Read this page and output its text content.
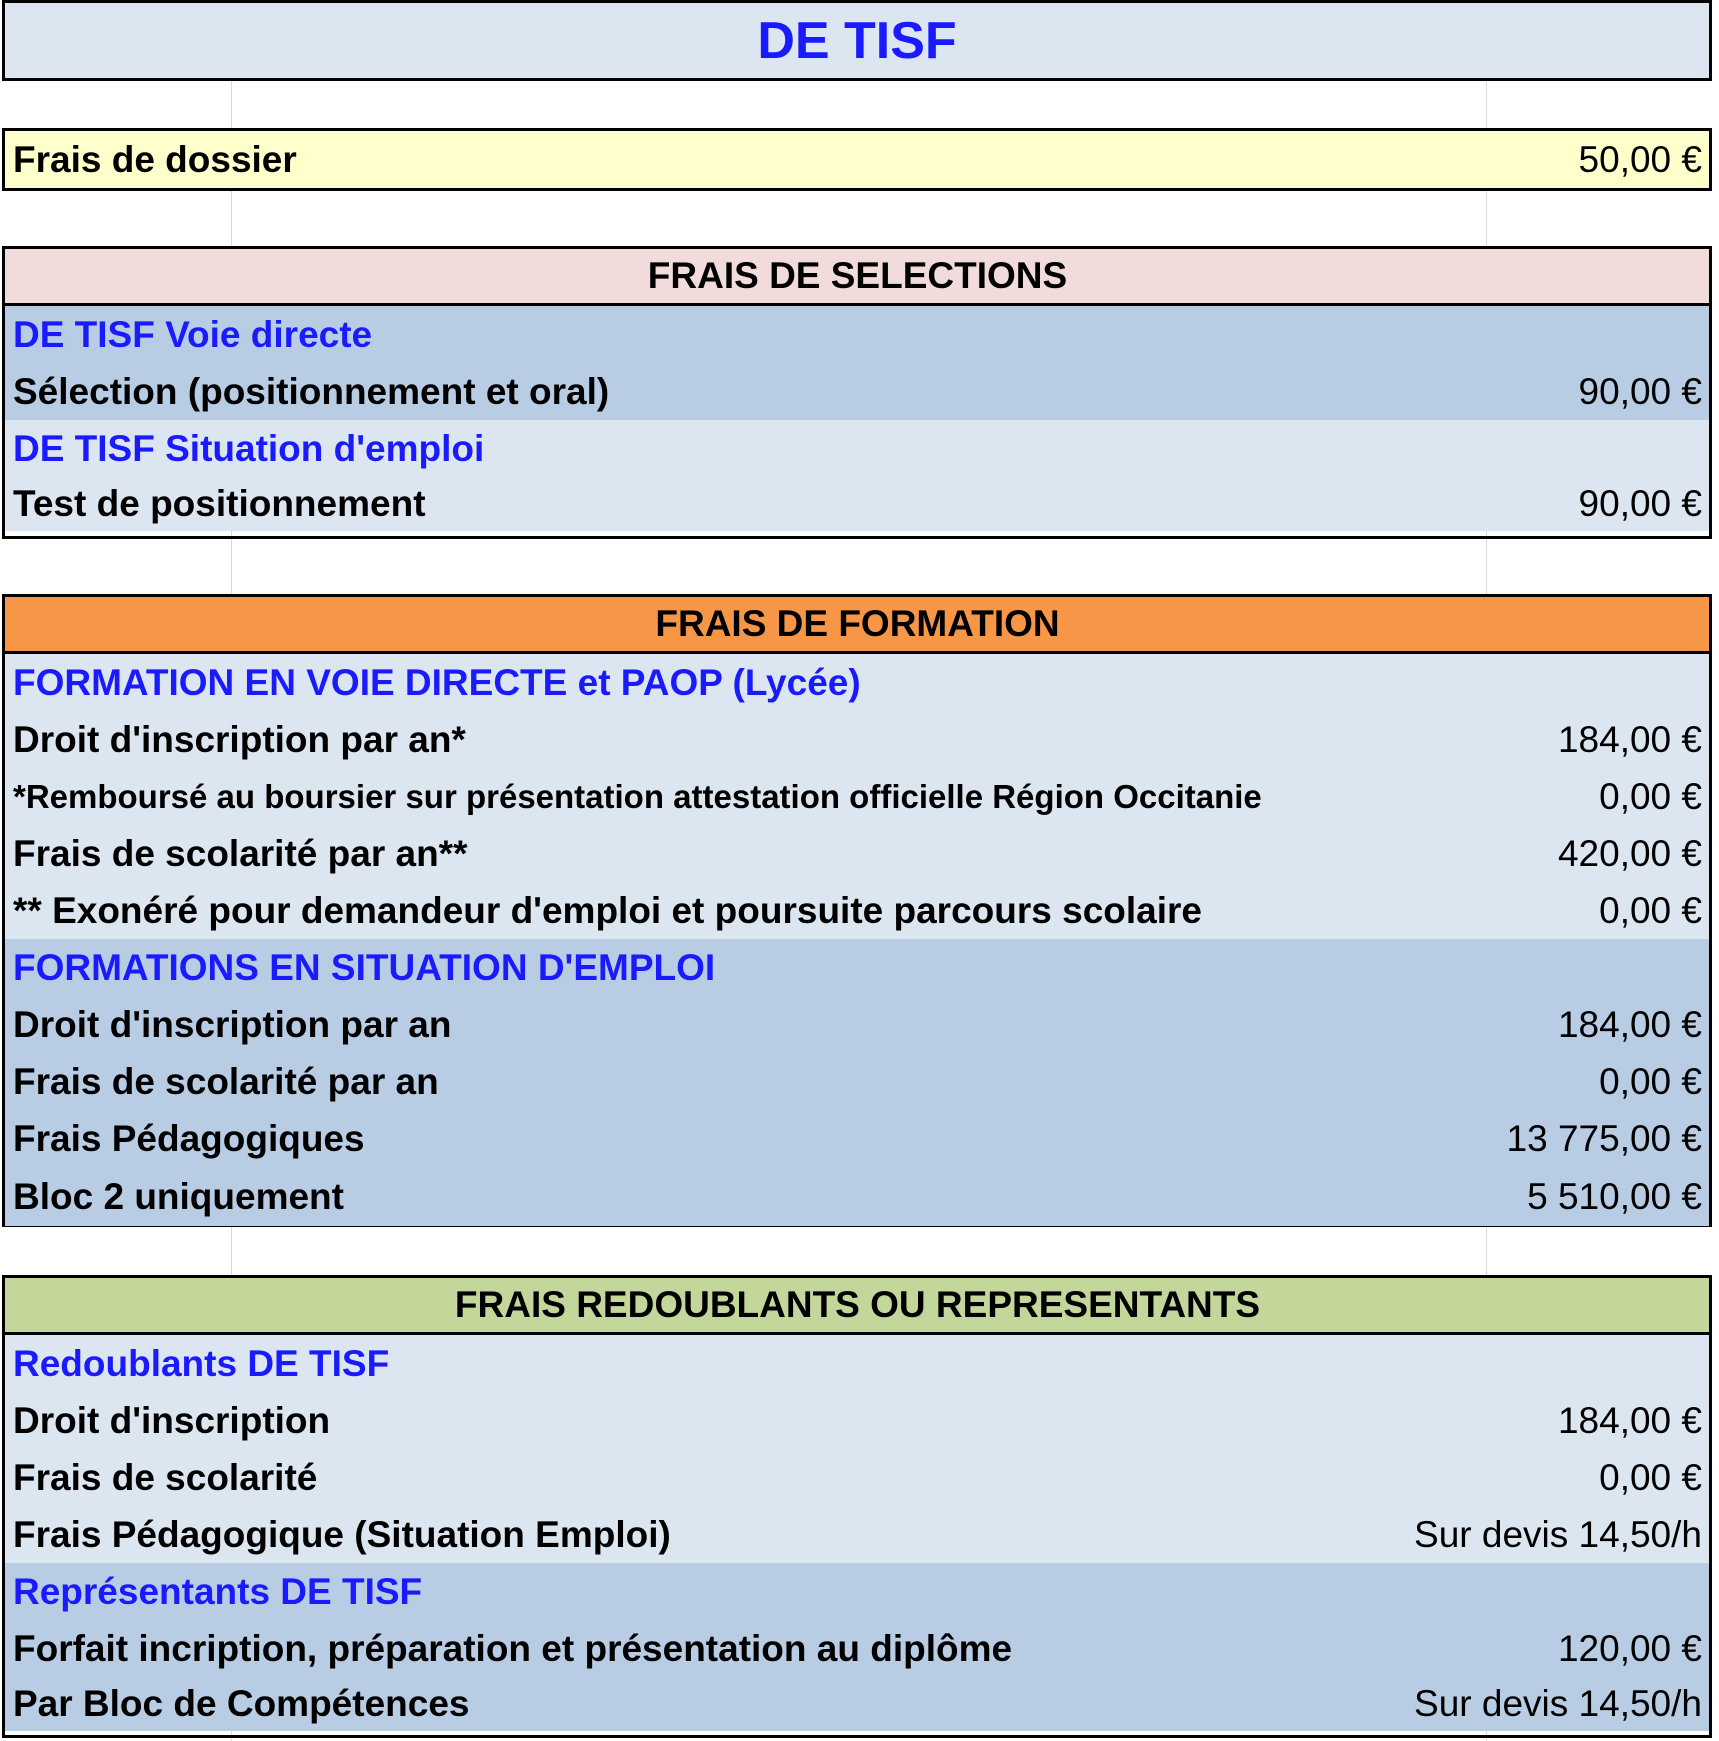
DE TISF
Frais de dossier	50,00 €
FRAIS DE SELECTIONS
DE TISF Voie directe
Sélection (positionnement et oral)	90,00 €
DE TISF Situation d'emploi
Test de positionnement	90,00 €
FRAIS DE FORMATION
FORMATION EN VOIE DIRECTE et PAOP (Lycée)
Droit d'inscription par an*	184,00 €
*Remboursé au boursier sur présentation attestation officielle Région Occitanie	0,00 €
Frais de scolarité par an**	420,00 €
** Exonéré pour demandeur d'emploi et poursuite parcours scolaire	0,00 €
FORMATIONS EN SITUATION D'EMPLOI
Droit d'inscription par an	184,00 €
Frais de scolarité par an	0,00 €
Frais Pédagogiques	13 775,00 €
Bloc 2 uniquement	5 510,00 €
FRAIS REDOUBLANTS OU REPRESENTANTS
Redoublants DE TISF
Droit d'inscription	184,00 €
Frais de scolarité	0,00 €
Frais Pédagogique (Situation Emploi)	Sur devis 14,50/h
Représentants DE TISF
Forfait incription, préparation et présentation au diplôme	120,00 €
Par Bloc de Compétences	Sur devis 14,50/h
